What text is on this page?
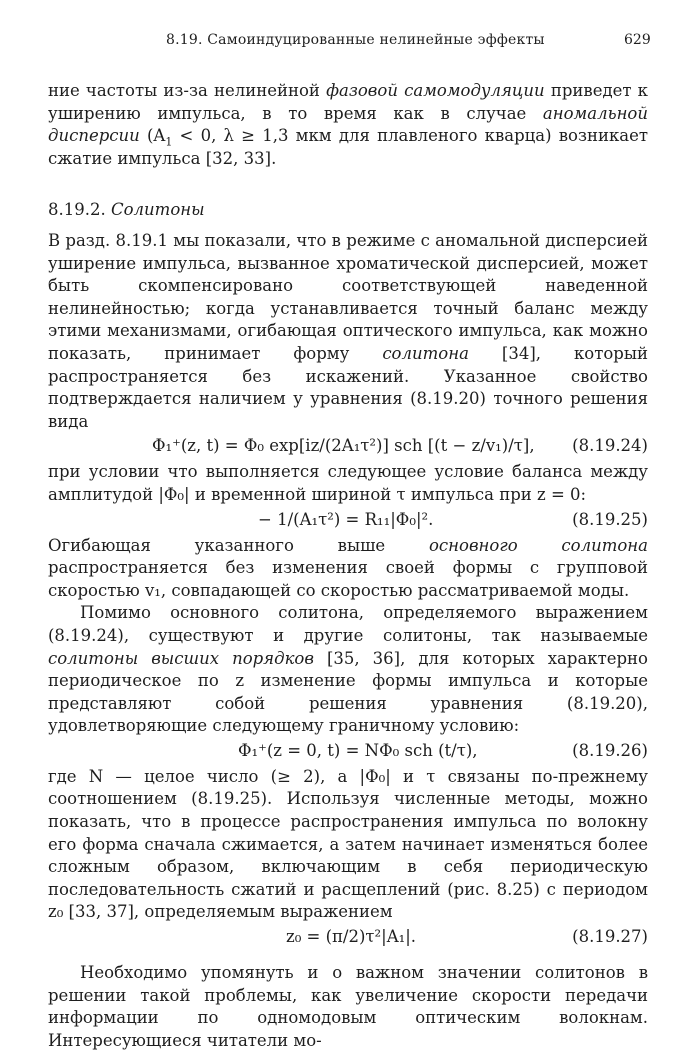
8.19. Самоиндуцированные нелинейные эффекты	629

ние частоты из-за нелинейной фазовой самомодуляции приведет к уширению импульса, в то время как в случае аномальной дисперсии ($A_1 < 0$, λ ≥ 1,3 мкм для плавленого кварца) возникает сжатие импульса [32, 33].

8.19.2. Солитоны

В разд. 8.19.1 мы показали, что в режиме с аномальной дисперсией уширение импульса, вызванное хроматической дисперсией, может быть скомпенсировано соответствующей наведенной нелинейностью; когда устанавливается точный баланс между этими механизмами, огибающая оптического импульса, как можно показать, принимает форму солитона [34], который распространяется без искажений. Указанное свойство подтверждается наличием у уравнения (8.19.20) точного решения вида

Φ₁⁺(z, t) = Φ₀ exp[iz/(2A₁τ²)] sch [(t − z/v₁)/τ], (8.19.24)

при условии что выполняется следующее условие баланса между амплитудой |Φ₀| и временной шириной τ импульса при z = 0:

− 1/(A₁τ²) = R₁₁|Φ₀|².	(8.19.25)

Огибающая указанного выше основного солитона распространяется без изменения своей формы с групповой скоростью v₁, совпадающей со скоростью рассматриваемой моды.

Помимо основного солитона, определяемого выражением (8.19.24), существуют и другие солитоны, так называемые солитоны высших порядков [35, 36], для которых характерно периодическое по z изменение формы импульса и которые представляют собой решения уравнения (8.19.20), удовлетворяющие следующему граничному условию:

Φ₁⁺(z = 0, t) = NΦ₀ sch (t/τ),	(8.19.26)

где N — целое число (≥ 2), а |Φ₀| и τ связаны по-прежнему соотношением (8.19.25). Используя численные методы, можно показать, что в процессе распространения импульса по волокну его форма сначала сжимается, а затем начинает изменяться более сложным образом, включающим в себя периодическую последовательность сжатий и расщеплений (рис. 8.25) с периодом z₀ [33, 37], определяемым выражением

z₀ = (π/2)τ²|A₁|.	(8.19.27)

Необходимо упомянуть и о важном значении солитонов в решении такой проблемы, как увеличение скорости передачи информации по одномодовым оптическим волокнам. Интересующиеся читатели мо-
